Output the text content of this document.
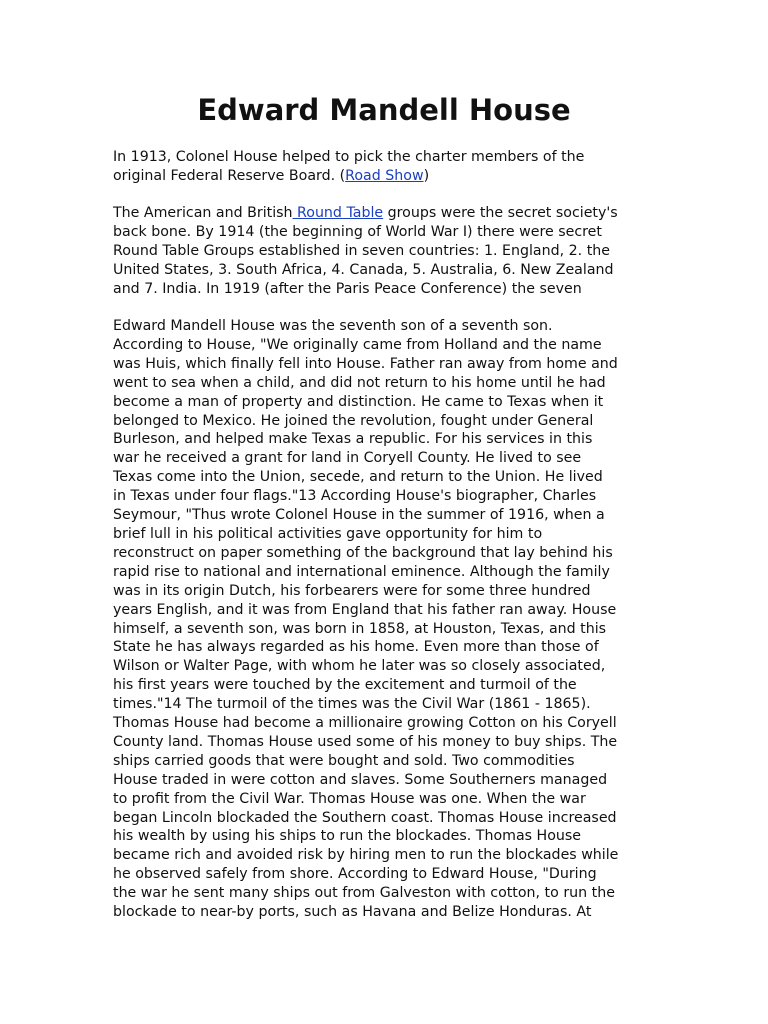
Edward Mandell House
In 1913, Colonel House helped to pick the charter members of the
original Federal Reserve Board. (Road Show)
The American and British Round Table groups were the secret society's
back bone. By 1914 (the beginning of World War I) there were secret
Round Table Groups established in seven countries: 1. England, 2. the
United States, 3. South Africa, 4. Canada, 5. Australia, 6. New Zealand
and 7. India. In 1919 (after the Paris Peace Conference) the seven
Edward Mandell House was the seventh son of a seventh son.
According to House, "We originally came from Holland and the name
was Huis, which finally fell into House. Father ran away from home and
went to sea when a child, and did not return to his home until he had
become a man of property and distinction. He came to Texas when it
belonged to Mexico. He joined the revolution, fought under General
Burleson, and helped make Texas a republic. For his services in this
war he received a grant for land in Coryell County. He lived to see
Texas come into the Union, secede, and return to the Union. He lived
in Texas under four flags."13 According House's biographer, Charles
Seymour, "Thus wrote Colonel House in the summer of 1916, when a
brief lull in his political activities gave opportunity for him to
reconstruct on paper something of the background that lay behind his
rapid rise to national and international eminence. Although the family
was in its origin Dutch, his forbearers were for some three hundred
years English, and it was from England that his father ran away. House
himself, a seventh son, was born in 1858, at Houston, Texas, and this
State he has always regarded as his home. Even more than those of
Wilson or Walter Page, with whom he later was so closely associated,
his first years were touched by the excitement and turmoil of the
times."14 The turmoil of the times was the Civil War (1861 - 1865).
Thomas House had become a millionaire growing Cotton on his Coryell
County land. Thomas House used some of his money to buy ships. The
ships carried goods that were bought and sold. Two commodities
House traded in were cotton and slaves. Some Southerners managed
to profit from the Civil War. Thomas House was one. When the war
began Lincoln blockaded the Southern coast. Thomas House increased
his wealth by using his ships to run the blockades. Thomas House
became rich and avoided risk by hiring men to run the blockades while
he observed safely from shore. According to Edward House, "During
the war he sent many ships out from Galveston with cotton, to run the
blockade to near-by ports, such as Havana and Belize Honduras. At
